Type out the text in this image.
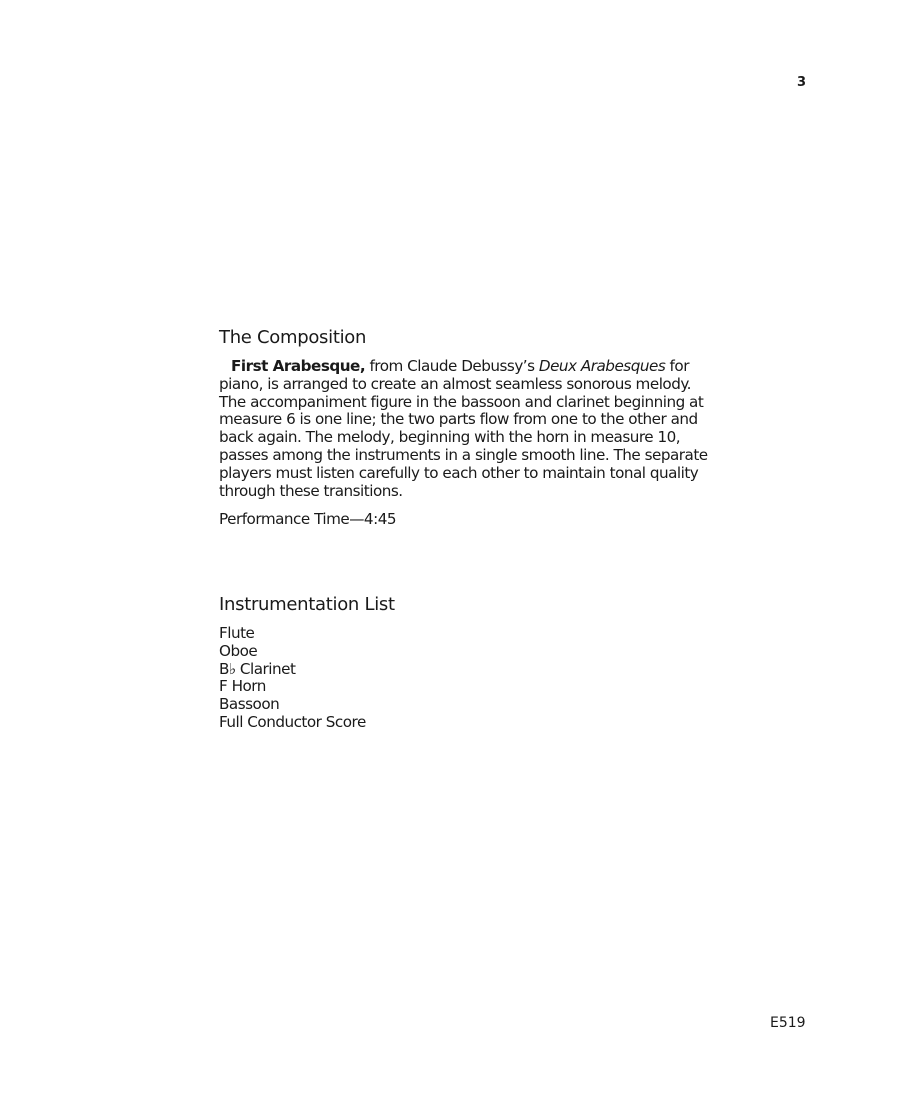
3
The Composition

First Arabesque, from Claude Debussy’s Deux Arabesques for piano, is arranged to create an almost seamless sonorous melody. The accompaniment figure in the bassoon and clarinet beginning at measure 6 is one line; the two parts flow from one to the other and back again. The melody, beginning with the horn in measure 10, passes among the instruments in a single smooth line. The separate players must listen carefully to each other to maintain tonal quality through these transitions.

Performance Time—4:45

Instrumentation List
Flute
Oboe
B♭ Clarinet
F Horn
Bassoon
Full Conductor Score
E519
